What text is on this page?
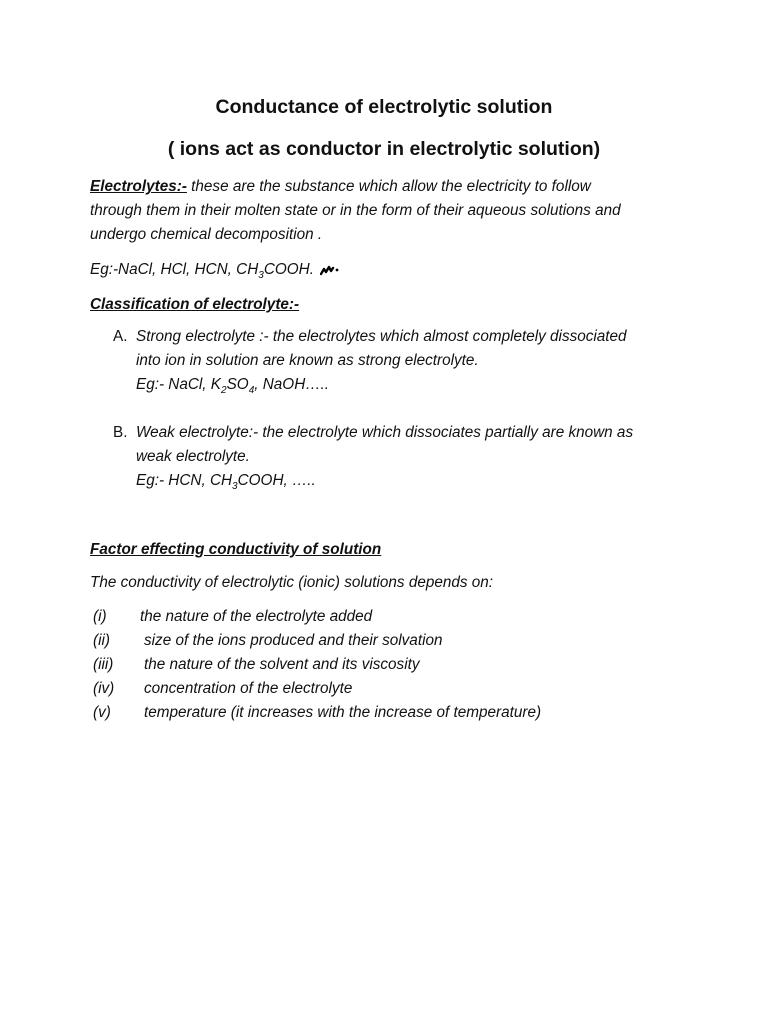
Conductance of electrolytic solution
( ions act as conductor in electrolytic solution)
Electrolytes:- these are the substance which allow the electricity to follow
through them in their molten state or in the form of their aqueous solutions and
undergo chemical decomposition .
Eg:-NaCl, HCl, HCN, $CH_3COOH$.
Classification of electrolyte:-
A. Strong electrolyte :- the electrolytes which almost completely dissociated
into ion in solution are known as strong electrolyte.
Eg:- NaCl, $K_2SO_4$, NaOH…..
B. Weak electrolyte:- the electrolyte which dissociates partially are known as
weak electrolyte.
Eg:- HCN, $CH_3COOH$, …..
Factor effecting conductivity of solution
The conductivity of electrolytic (ionic) solutions depends on:
(i) the nature of the electrolyte added
(ii) size of the ions produced and their solvation
(iii) the nature of the solvent and its viscosity
(iv) concentration of the electrolyte
(v) temperature (it increases with the increase of temperature)
